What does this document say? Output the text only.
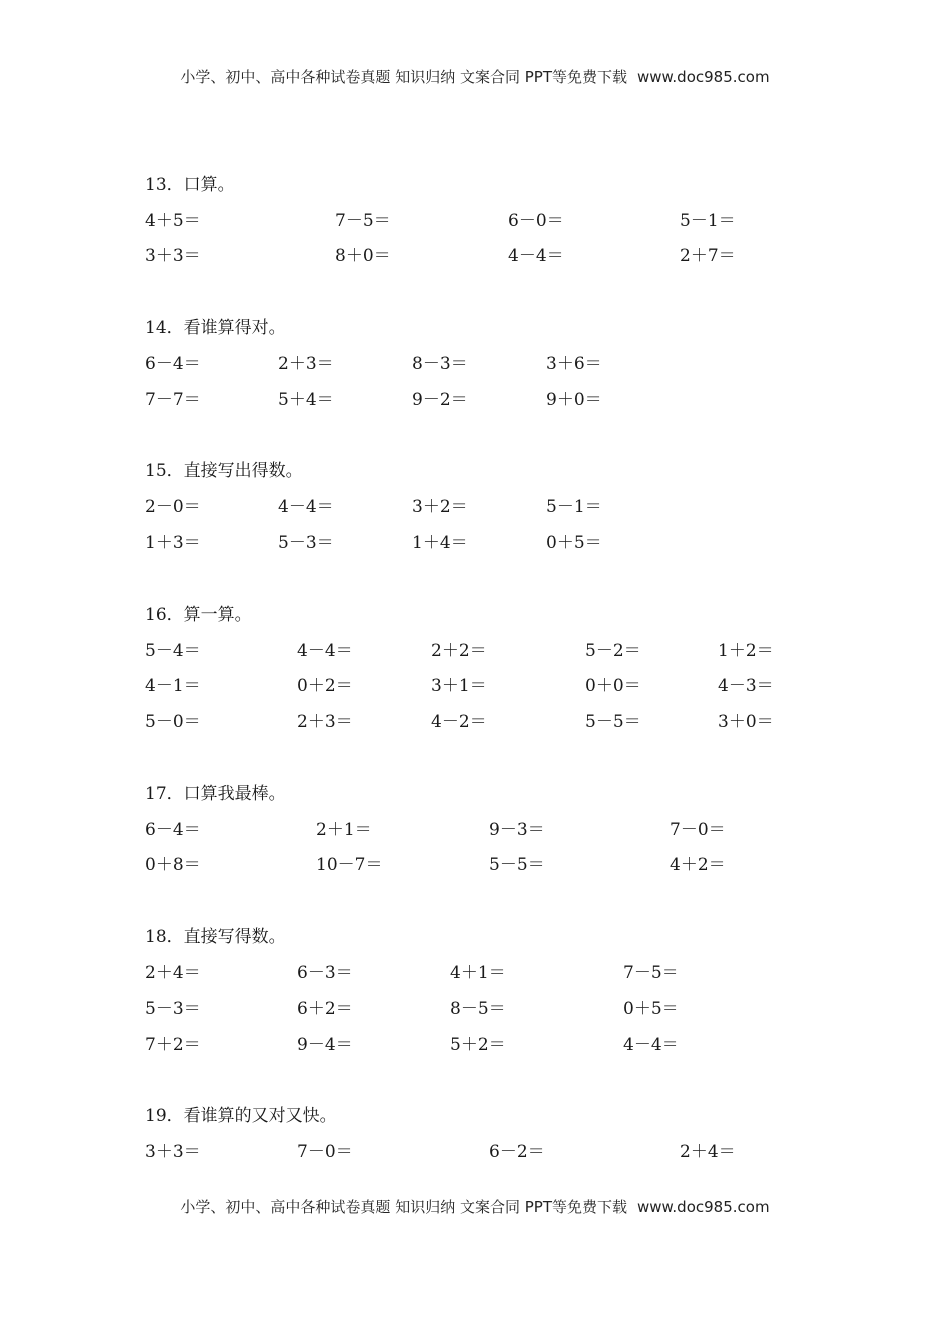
小学、初中、高中各种试卷真题 知识归纳 文案合同 PPT等免费下载 www.doc985.com
13．口算。
4＋5＝	7－5＝	6－0＝	5－1＝
3＋3＝	8＋0＝	4－4＝	2＋7＝
14．看谁算得对。
6－4＝	2＋3＝	8－3＝	3＋6＝
7－7＝	5＋4＝	9－2＝	9＋0＝
15．直接写出得数。
2－0＝	4－4＝	3＋2＝	5－1＝
1＋3＝	5－3＝	1＋4＝	0＋5＝
16．算一算。
5－4＝	4－4＝	2＋2＝	5－2＝	1＋2＝
4－1＝	0＋2＝	3＋1＝	0＋0＝	4－3＝
5－0＝	2＋3＝	4－2＝	5－5＝	3＋0＝
17．口算我最棒。
6－4＝	2＋1＝	9－3＝	7－0＝
0＋8＝	10－7＝	5－5＝	4＋2＝
18．直接写得数。
2＋4＝	6－3＝	4＋1＝	7－5＝
5－3＝	6＋2＝	8－5＝	0＋5＝
7＋2＝	9－4＝	5＋2＝	4－4＝
19．看谁算的又对又快。
3＋3＝	7－0＝	6－2＝	2＋4＝
小学、初中、高中各种试卷真题 知识归纳 文案合同 PPT等免费下载 www.doc985.com
